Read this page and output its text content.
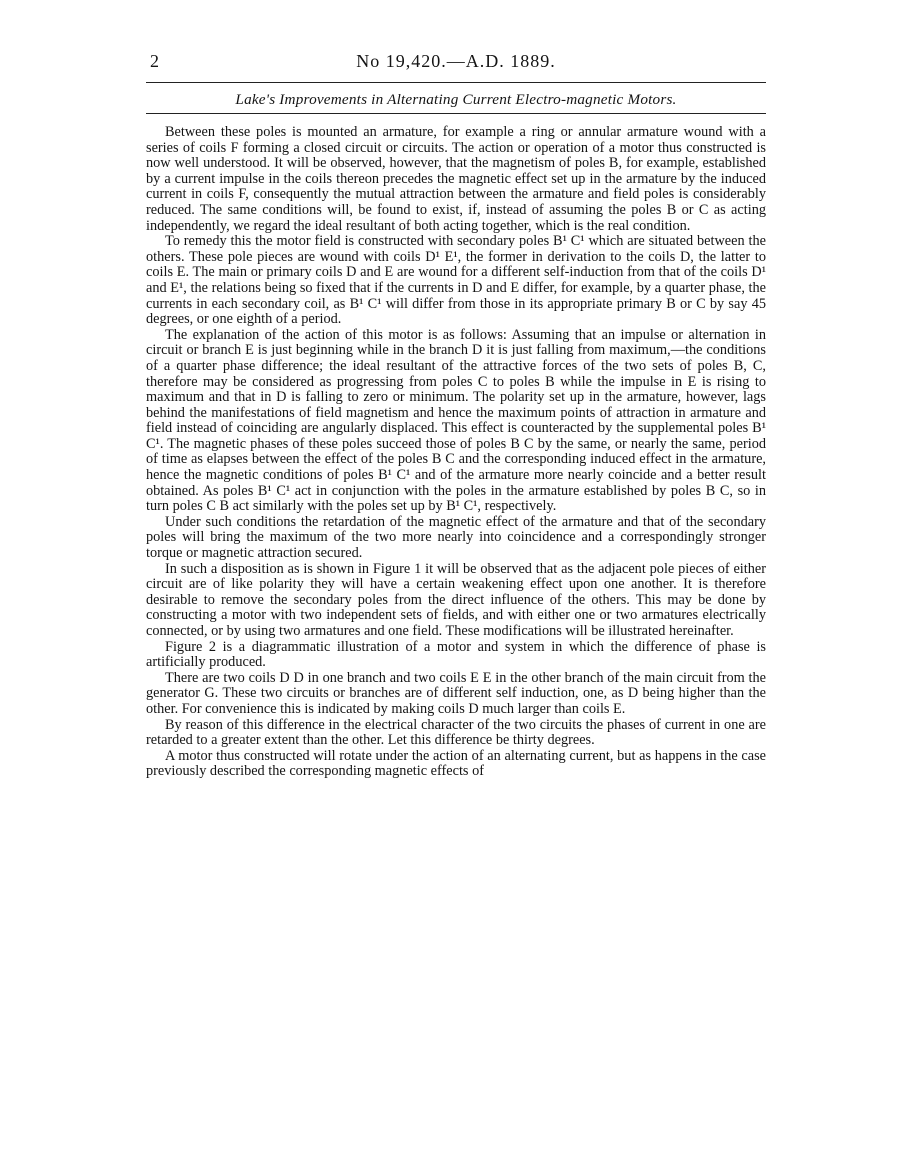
2	No 19,420.—A.D. 1889.
Lake's Improvements in Alternating Current Electro-magnetic Motors.

Between these poles is mounted an armature, for example a ring or annular armature wound with a series of coils F forming a closed circuit or circuits. The action or operation of a motor thus constructed is now well understood. It will be observed, however, that the magnetism of poles B, for example, established by a current impulse in the coils thereon precedes the magnetic effect set up in the armature by the induced current in coils F, consequently the mutual attraction between the armature and field poles is considerably reduced. The same conditions will, be found to exist, if, instead of assuming the poles B or C as acting independently, we regard the ideal resultant of both acting together, which is the real condition.

To remedy this the motor field is constructed with secondary poles B¹ C¹ which are situated between the others. These pole pieces are wound with coils D¹ E¹, the former in derivation to the coils D, the latter to coils E. The main or primary coils D and E are wound for a different self-induction from that of the coils D¹ and E¹, the relations being so fixed that if the currents in D and E differ, for example, by a quarter phase, the currents in each secondary coil, as B¹ C¹ will differ from those in its appropriate primary B or C by say 45 degrees, or one eighth of a period.

The explanation of the action of this motor is as follows: Assuming that an impulse or alternation in circuit or branch E is just beginning while in the branch D it is just falling from maximum,—the conditions of a quarter phase difference; the ideal resultant of the attractive forces of the two sets of poles B, C, therefore may be considered as progressing from poles C to poles B while the impulse in E is rising to maximum and that in D is falling to zero or minimum. The polarity set up in the armature, however, lags behind the manifestations of field magnetism and hence the maximum points of attraction in armature and field instead of coinciding are angularly displaced. This effect is counteracted by the supplemental poles B¹ C¹. The magnetic phases of these poles succeed those of poles B C by the same, or nearly the same, period of time as elapses between the effect of the poles B C and the corresponding induced effect in the armature, hence the magnetic conditions of poles B¹ C¹ and of the armature more nearly coincide and a better result obtained. As poles B¹ C¹ act in conjunction with the poles in the armature established by poles B C, so in turn poles C B act similarly with the poles set up by B¹ C¹, respectively.

Under such conditions the retardation of the magnetic effect of the armature and that of the secondary poles will bring the maximum of the two more nearly into coincidence and a correspondingly stronger torque or magnetic attraction secured.

In such a disposition as is shown in Figure 1 it will be observed that as the adjacent pole pieces of either circuit are of like polarity they will have a certain weakening effect upon one another. It is therefore desirable to remove the secondary poles from the direct influence of the others. This may be done by constructing a motor with two independent sets of fields, and with either one or two armatures electrically connected, or by using two armatures and one field. These modifications will be illustrated hereinafter.

Figure 2 is a diagrammatic illustration of a motor and system in which the difference of phase is artificially produced.

There are two coils D D in one branch and two coils E E in the other branch of the main circuit from the generator G. These two circuits or branches are of different self induction, one, as D being higher than the other. For convenience this is indicated by making coils D much larger than coils E.

By reason of this difference in the electrical character of the two circuits the phases of current in one are retarded to a greater extent than the other. Let this difference be thirty degrees.

A motor thus constructed will rotate under the action of an alternating current, but as happens in the case previously described the corresponding magnetic effects of
